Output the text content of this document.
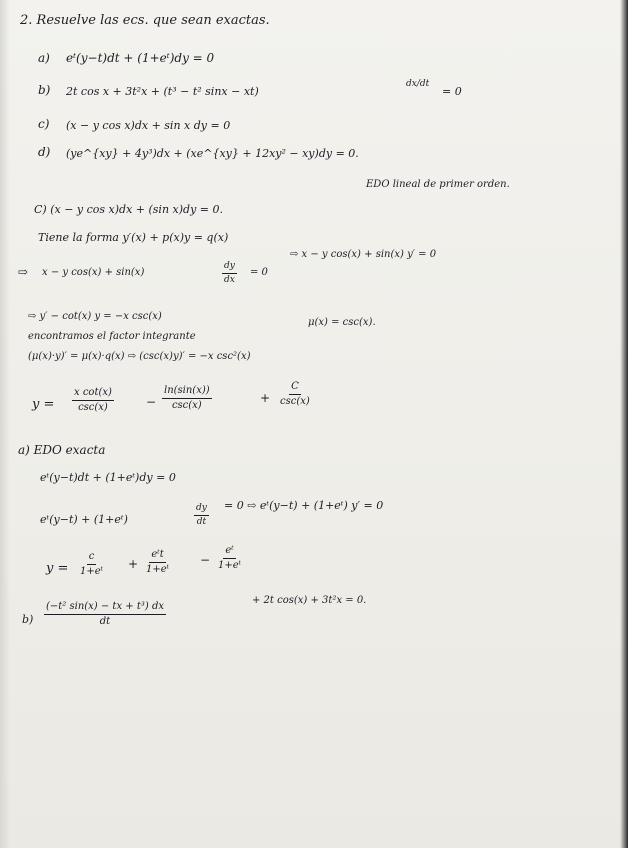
2. Resuelve las ecs. que sean exactas.
a) eᵗ(y−t)dt + (1+eᵗ)dy = 0
b) 2t cos x + 3t²x + (t³ − t² sinx − xt)
dx/dt
= 0
c) (x − y cos x)dx + sin x dy = 0
d) (ye^{xy} + 4y³)dx + (xe^{xy} + 12xy² − xy)dy = 0.
C) (x − y cos x)dx + (sin x)dy = 0.
EDO lineal de primer orden.
Tiene la forma y′(x) + p(x)y = q(x)
⇨ x − y cos(x) + sin(x)	$\frac{dy}{dx} = 0$
⇨ x − y cos(x) + sin(x) y′ = 0
⇨ y′ − cot(x) y = −x csc(x)
encontramos el factor integrante
μ(x) = csc(x).
(μ(x)·y)′ = μ(x)·q(x) ⇨ (csc(x)y)′ = −x csc²(x)
y =
x cot(x)
csc(x)	−
ln(sin(x))
csc(x)
+
C
csc(x)
a) EDO exacta
eᵗ(y−t)dt + (1+eᵗ)dy = 0
eᵗ(y−t) + (1+eᵗ)	$\frac{dy}{dt} = 0$ ⇨ eᵗ(y−t) + (1+eᵗ) y′ = 0
$y = \frac{c}{\text{1+eᵗ}}$ +
eᵗt
1+eᵗ
− $\frac{\text{eᵗ}}{\text{1+eᵗ}}$
$b) \frac{\text{(−t² sin(x) − tx + t³) dx}}{dt}$
+ 2t cos(x) + 3t²x = 0.
